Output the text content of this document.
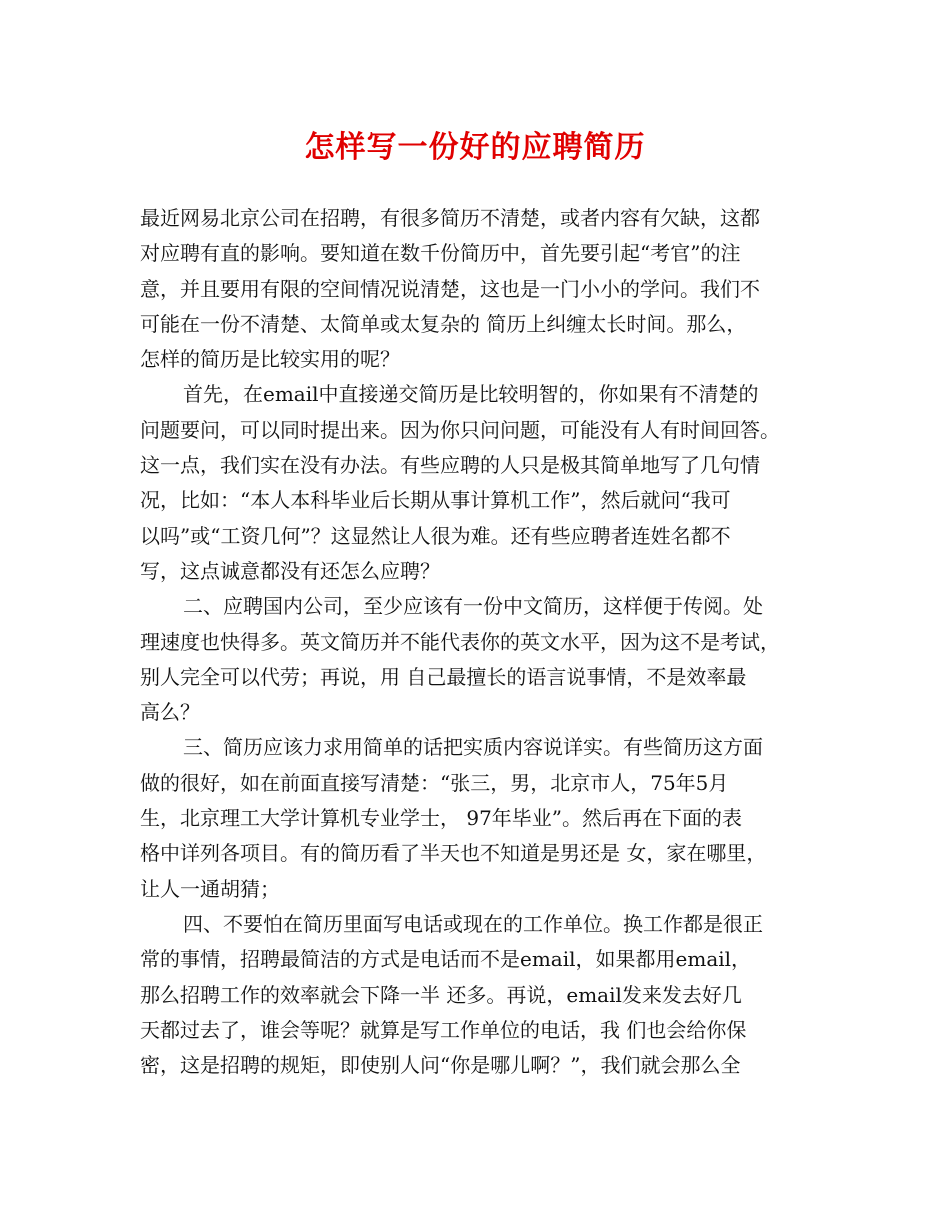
怎样写一份好的应聘简历
最近网易北京公司在招聘，有很多简历不清楚，或者内容有欠缺，这都
对应聘有直的影响。要知道在数千份简历中，首先要引起“考官”的注
意，并且要用有限的空间情况说清楚，这也是一门小小的学问。我们不
可能在一份不清楚、太简单或太复杂的 简历上纠缠太长时间。那么，
怎样的简历是比较实用的呢？
首先，在email中直接递交简历是比较明智的，你如果有不清楚的
问题要问，可以同时提出来。因为你只问问题，可能没有人有时间回答。
这一点，我们实在没有办法。有些应聘的人只是极其简单地写了几句情
况，比如：“本人本科毕业后长期从事计算机工作”，然后就问“我可
以吗”或“工资几何”？这显然让人很为难。还有些应聘者连姓名都不
写，这点诚意都没有还怎么应聘？
二、应聘国内公司，至少应该有一份中文简历，这样便于传阅。处
理速度也快得多。英文简历并不能代表你的英文水平，因为这不是考试，
别人完全可以代劳；再说，用 自己最擅长的语言说事情，不是效率最
高么？
三、简历应该力求用简单的话把实质内容说详实。有些简历这方面
做的很好，如在前面直接写清楚：“张三，男，北京市人，75年5月
生，北京理工大学计算机专业学士， 97年毕业”。然后再在下面的表
格中详列各项目。有的简历看了半天也不知道是男还是 女，家在哪里，
让人一通胡猜；
四、不要怕在简历里面写电话或现在的工作单位。换工作都是很正
常的事情，招聘最简洁的方式是电话而不是email，如果都用email，
那么招聘工作的效率就会下降一半 还多。再说，email发来发去好几
天都过去了，谁会等呢？就算是写工作单位的电话，我 们也会给你保
密，这是招聘的规矩，即使别人问“你是哪儿啊？”，我们就会那么全
